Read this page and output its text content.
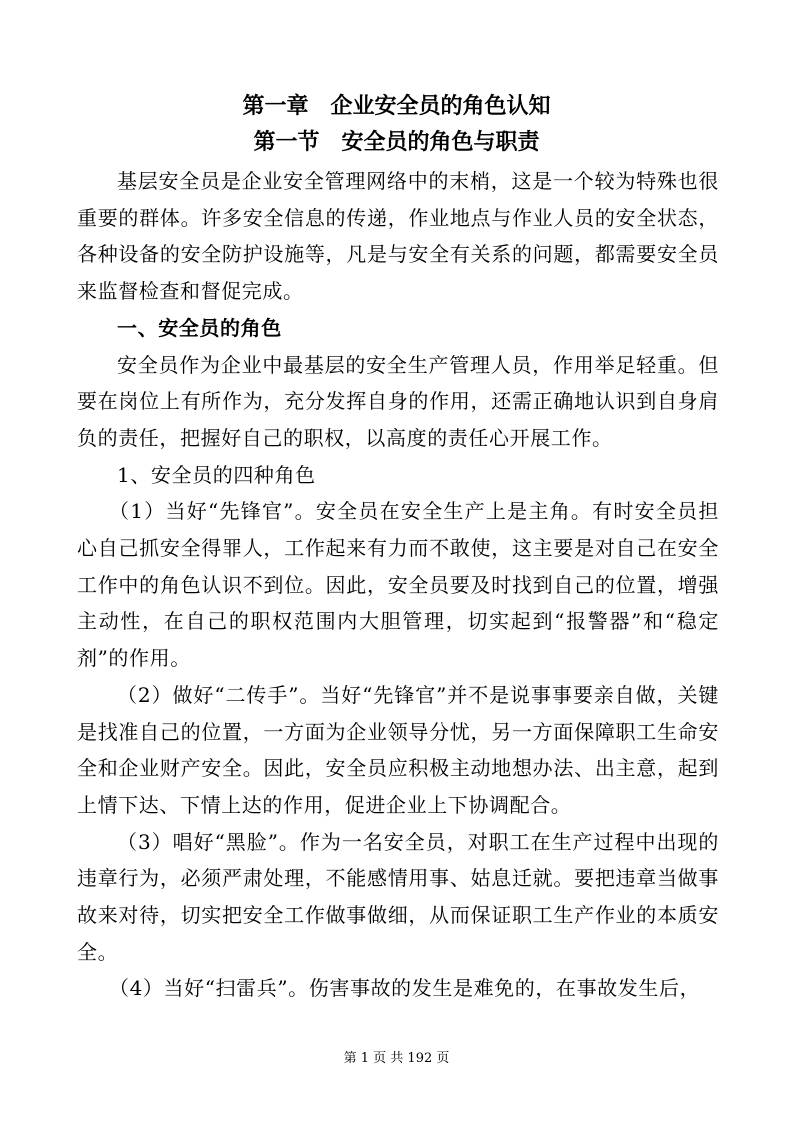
第一章　企业安全员的角色认知
第一节　安全员的角色与职责

基层安全员是企业安全管理网络中的末梢，这是一个较为特殊也很重要的群体。许多安全信息的传递，作业地点与作业人员的安全状态，各种设备的安全防护设施等，凡是与安全有关系的问题，都需要安全员来监督检查和督促完成。

一、安全员的角色

安全员作为企业中最基层的安全生产管理人员，作用举足轻重。但要在岗位上有所作为，充分发挥自身的作用，还需正确地认识到自身肩负的责任，把握好自己的职权，以高度的责任心开展工作。

1、安全员的四种角色

（1）当好“先锋官”。安全员在安全生产上是主角。有时安全员担心自己抓安全得罪人，工作起来有力而不敢使，这主要是对自己在安全工作中的角色认识不到位。因此，安全员要及时找到自己的位置，增强主动性，在自己的职权范围内大胆管理，切实起到“报警器”和“稳定剂”的作用。

（2）做好“二传手”。当好“先锋官”并不是说事事要亲自做，关键是找准自己的位置，一方面为企业领导分忧，另一方面保障职工生命安全和企业财产安全。因此，安全员应积极主动地想办法、出主意，起到上情下达、下情上达的作用，促进企业上下协调配合。

（3）唱好“黑脸”。作为一名安全员，对职工在生产过程中出现的违章行为，必须严肃处理，不能感情用事、姑息迁就。要把违章当做事故来对待，切实把安全工作做事做细，从而保证职工生产作业的本质安全。

（4）当好“扫雷兵”。伤害事故的发生是难免的，在事故发生后，

第 1 页 共 192 页
